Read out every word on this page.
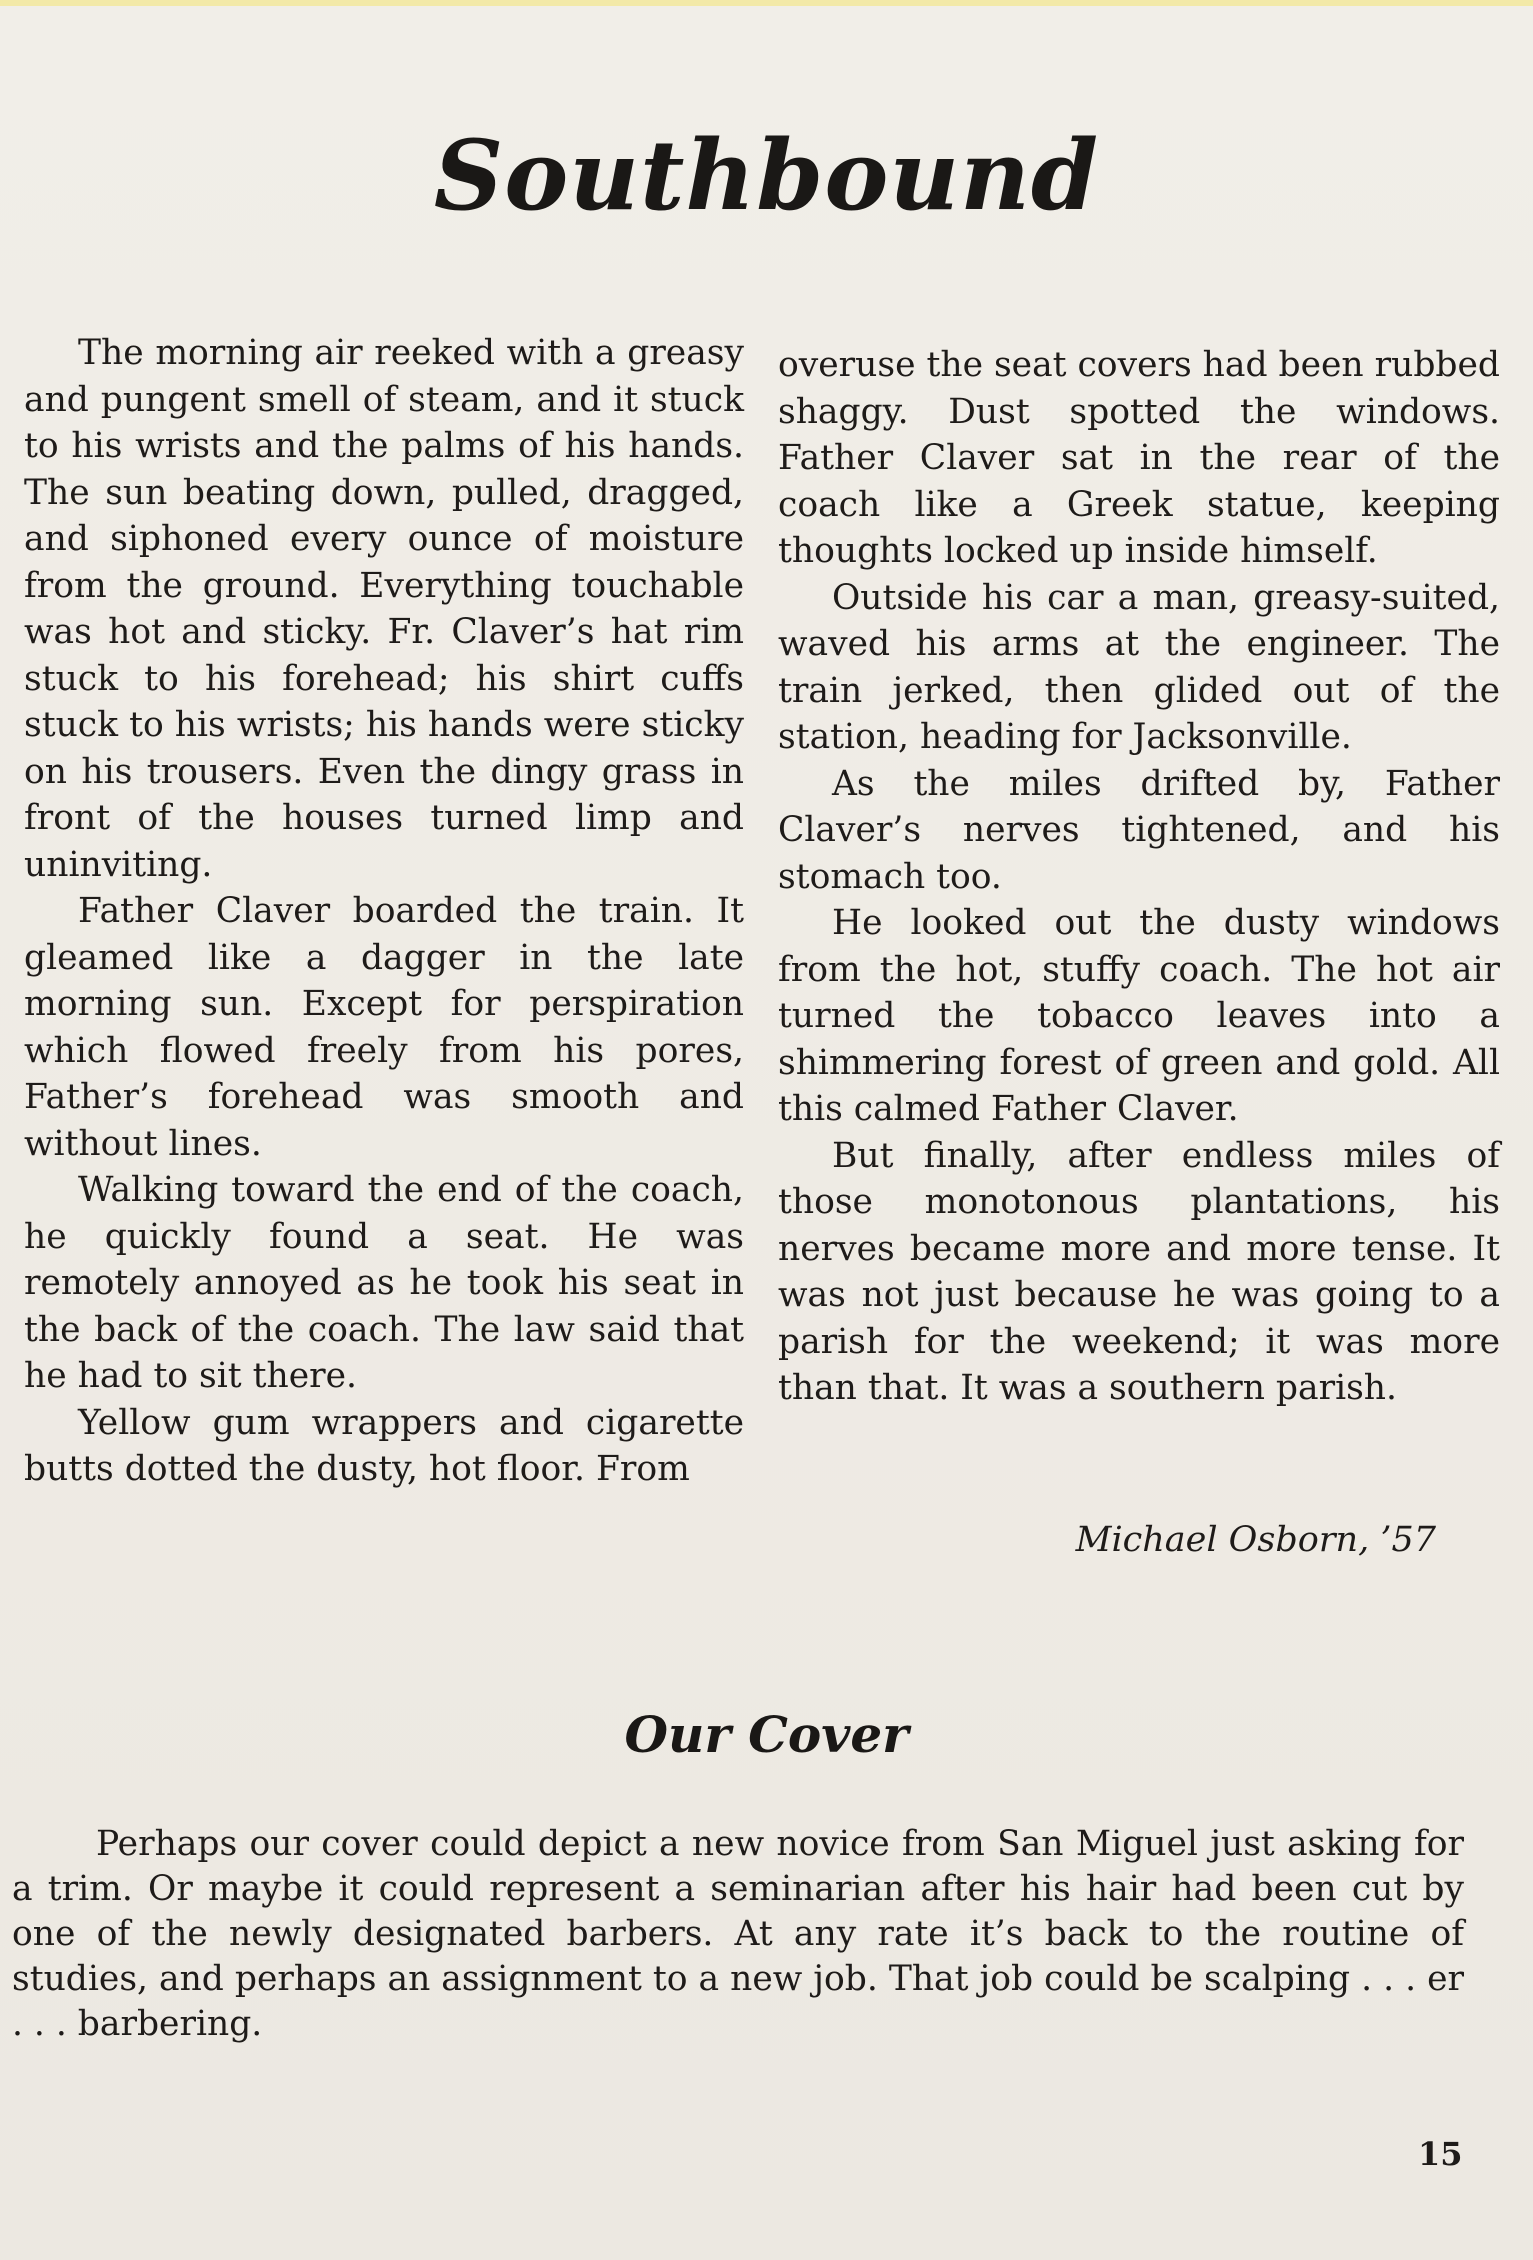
Southbound

The morning air reeked with a greasy and pungent smell of steam, and it stuck to his wrists and the palms of his hands. The sun beating down, pulled, dragged, and siphoned every ounce of moisture from the ground. Everything touchable was hot and sticky. Fr. Claver’s hat rim stuck to his forehead; his shirt cuffs stuck to his wrists; his hands were sticky on his trousers. Even the dingy grass in front of the houses turned limp and uninviting.

Father Claver boarded the train. It gleamed like a dagger in the late morning sun. Except for perspiration which flowed freely from his pores, Father’s forehead was smooth and without lines.

Walking toward the end of the coach, he quickly found a seat. He was remotely annoyed as he took his seat in the back of the coach. The law said that he had to sit there.

Yellow gum wrappers and cigarette butts dotted the dusty, hot floor. From

overuse the seat covers had been rubbed shaggy. Dust spotted the windows. Father Claver sat in the rear of the coach like a Greek statue, keeping thoughts locked up inside himself.

Outside his car a man, greasy-suited, waved his arms at the engineer. The train jerked, then glided out of the station, heading for Jacksonville.

As the miles drifted by, Father Claver’s nerves tightened, and his stomach too.

He looked out the dusty windows from the hot, stuffy coach. The hot air turned the tobacco leaves into a shimmering forest of green and gold. All this calmed Father Claver.

But finally, after endless miles of those monotonous plantations, his nerves became more and more tense. It was not just because he was going to a parish for the weekend; it was more than that. It was a southern parish.

Michael Osborn, ’57
Our Cover

Perhaps our cover could depict a new novice from San Miguel just asking for a trim. Or maybe it could represent a seminarian after his hair had been cut by one of the newly designated barbers. At any rate it’s back to the routine of studies, and perhaps an assignment to a new job. That job could be scalping . . . er . . . barbering.

15
